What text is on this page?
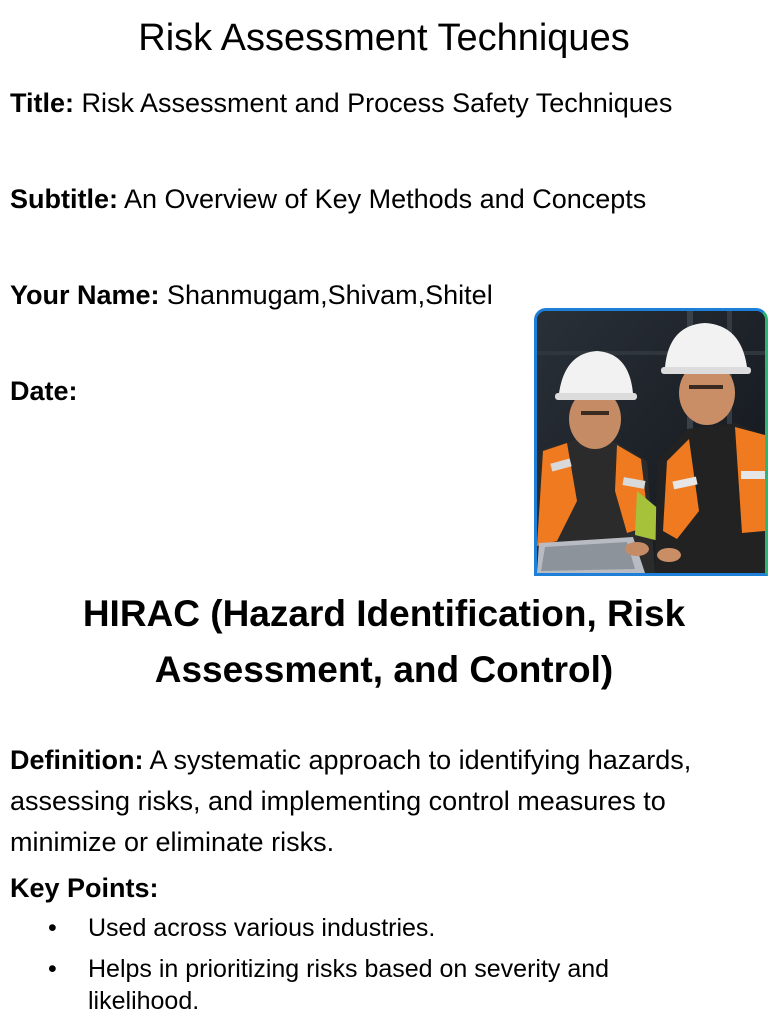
Risk Assessment Techniques
Title: Risk Assessment and Process Safety Techniques
Subtitle: An Overview of Key Methods and Concepts
Your Name: Shanmugam,Shivam,Shitel
Date:
HIRAC (Hazard Identification, Risk Assessment, and Control)
Definition: A systematic approach to identifying hazards, assessing risks, and implementing control measures to minimize or eliminate risks.
Key Points:
• Used across various industries.
• Helps in prioritizing risks based on severity and likelihood.
